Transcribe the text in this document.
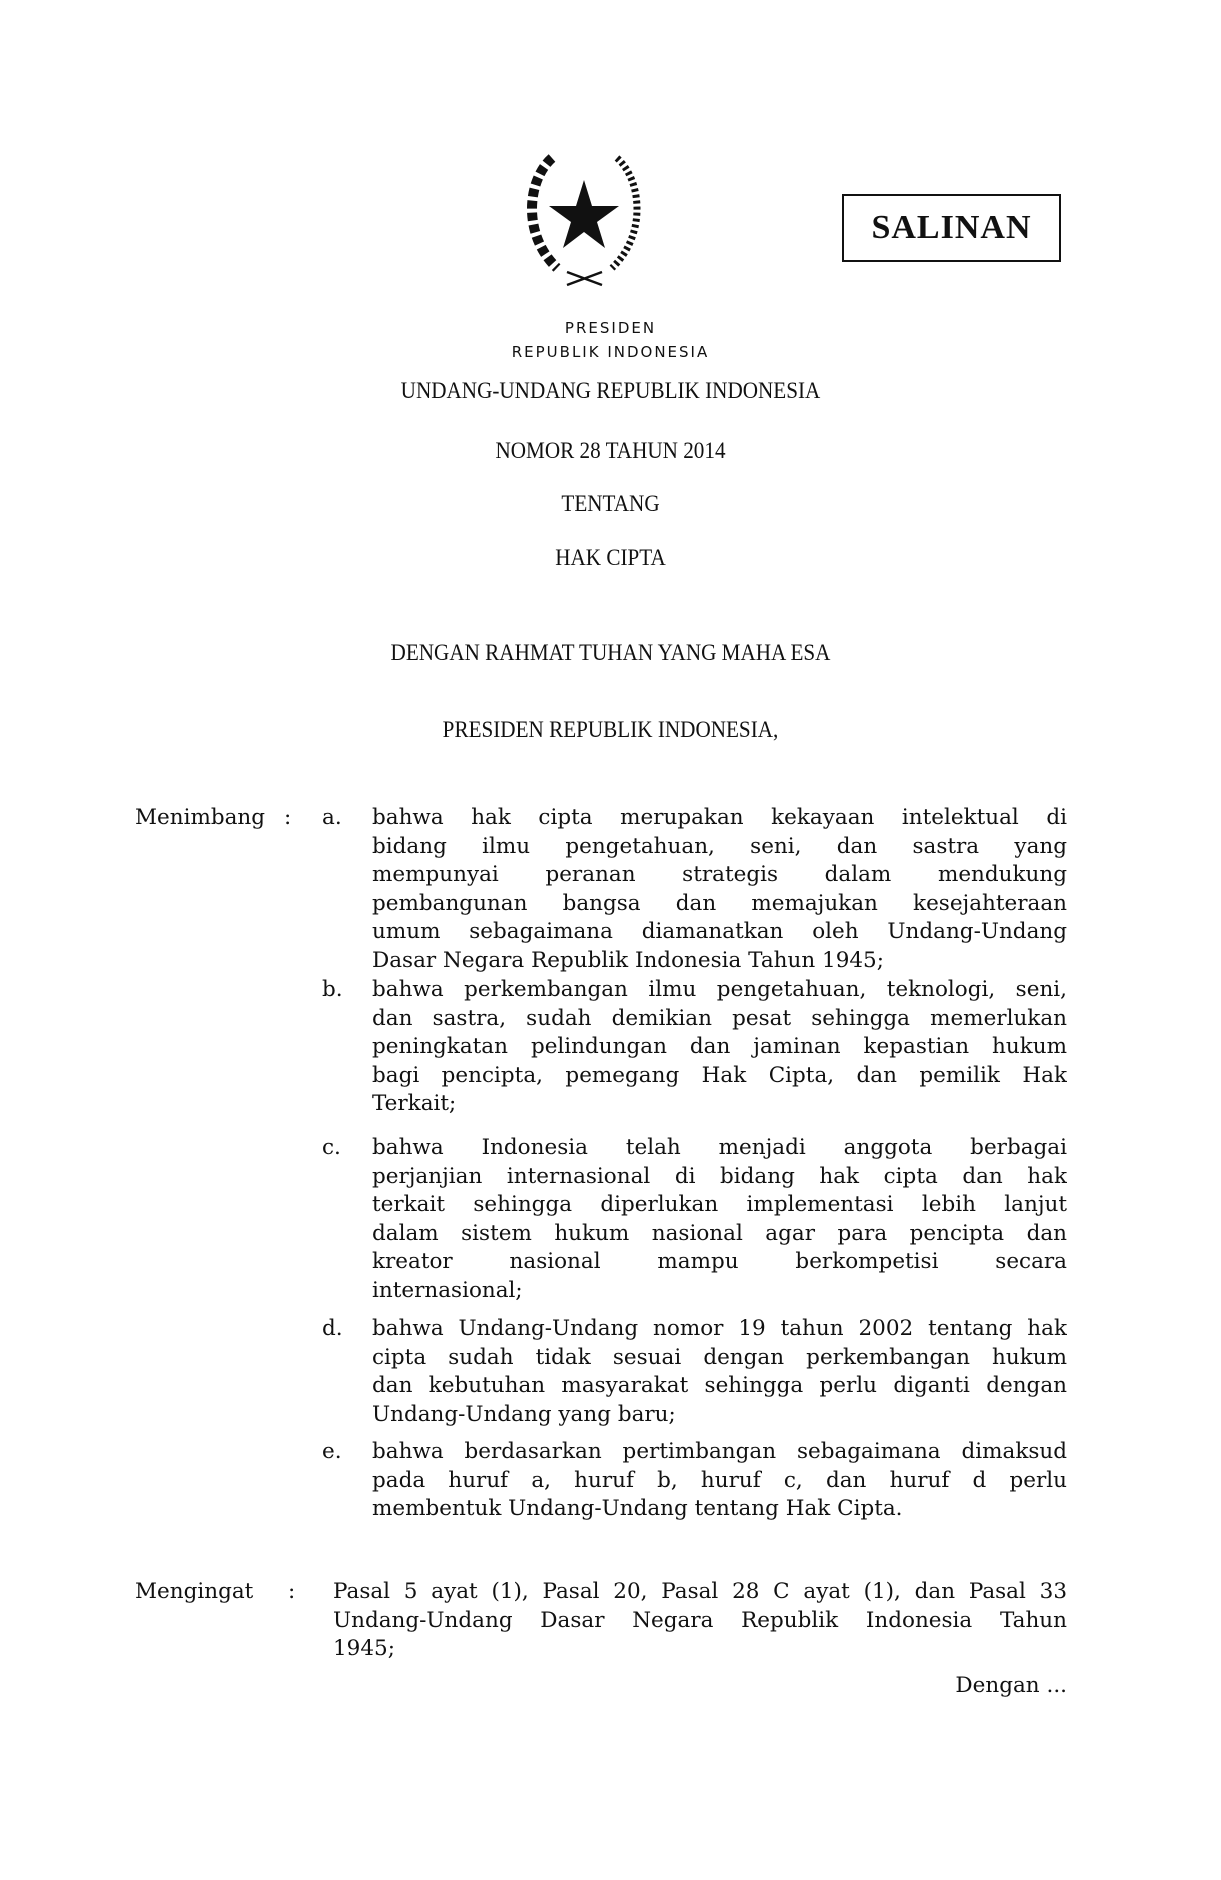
SALINAN
PRESIDEN
REPUBLIK INDONESIA
UNDANG-UNDANG REPUBLIK INDONESIA
NOMOR 28 TAHUN 2014
TENTANG
HAK CIPTA
DENGAN RAHMAT TUHAN YANG MAHA ESA
PRESIDEN REPUBLIK INDONESIA,
Menimbang : a. bahwa hak cipta merupakan kekayaan intelektual di
bidang ilmu pengetahuan, seni, dan sastra yang
mempunyai peranan strategis dalam mendukung
pembangunan bangsa dan memajukan kesejahteraan
umum sebagaimana diamanatkan oleh Undang-Undang
Dasar Negara Republik Indonesia Tahun 1945;
b. bahwa perkembangan ilmu pengetahuan, teknologi, seni,
dan sastra, sudah demikian pesat sehingga memerlukan
peningkatan pelindungan dan jaminan kepastian hukum
bagi pencipta, pemegang Hak Cipta, dan pemilik Hak
Terkait;
c. bahwa Indonesia telah menjadi anggota berbagai
perjanjian internasional di bidang hak cipta dan hak
terkait sehingga diperlukan implementasi lebih lanjut
dalam sistem hukum nasional agar para pencipta dan
kreator nasional mampu berkompetisi secara
internasional;
d. bahwa Undang-Undang nomor 19 tahun 2002 tentang hak
cipta sudah tidak sesuai dengan perkembangan hukum
dan kebutuhan masyarakat sehingga perlu diganti dengan
Undang-Undang yang baru;
e. bahwa berdasarkan pertimbangan sebagaimana dimaksud
pada huruf a, huruf b, huruf c, dan huruf d perlu
membentuk Undang-Undang tentang Hak Cipta.
Mengingat : Pasal 5 ayat (1), Pasal 20, Pasal 28 C ayat (1), dan Pasal 33
Undang-Undang Dasar Negara Republik Indonesia Tahun
1945;
Dengan ...
